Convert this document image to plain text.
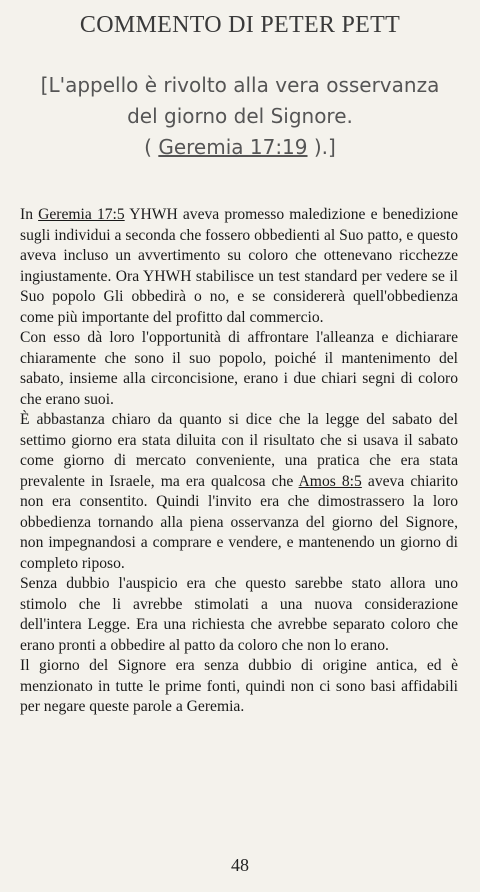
COMMENTO DI PETER PETT
[L'appello è rivolto alla vera osservanza
del giorno del Signore.
( Geremia 17:19 ).]

In Geremia 17:5 YHWH aveva promesso maledizione e benedizione sugli individui a seconda che fossero obbedienti al Suo patto, e questo aveva incluso un avvertimento su coloro che ottenevano ricchezze ingiustamente. Ora YHWH stabilisce un test standard per vedere se il Suo popolo Gli obbedirà o no, e se considererà quell'obbedienza come più importante del profitto dal commercio.

Con esso dà loro l'opportunità di affrontare l'alleanza e dichiarare chiaramente che sono il suo popolo, poiché il mantenimento del sabato, insieme alla circoncisione, erano i due chiari segni di coloro che erano suoi.

È abbastanza chiaro da quanto si dice che la legge del sabato del settimo giorno era stata diluita con il risultato che si usava il sabato come giorno di mercato conveniente, una pratica che era stata prevalente in Israele, ma era qualcosa che Amos 8:5 aveva chiarito non era consentito. Quindi l'invito era che dimostrassero la loro obbedienza tornando alla piena osservanza del giorno del Signore, non impegnandosi a comprare e vendere, e mantenendo un giorno di completo riposo.

Senza dubbio l'auspicio era che questo sarebbe stato allora uno stimolo che li avrebbe stimolati a una nuova considerazione dell'intera Legge. Era una richiesta che avrebbe separato coloro che erano pronti a obbedire al patto da coloro che non lo erano.

Il giorno del Signore era senza dubbio di origine antica, ed è menzionato in tutte le prime fonti, quindi non ci sono basi affidabili per negare queste parole a Geremia.

48
